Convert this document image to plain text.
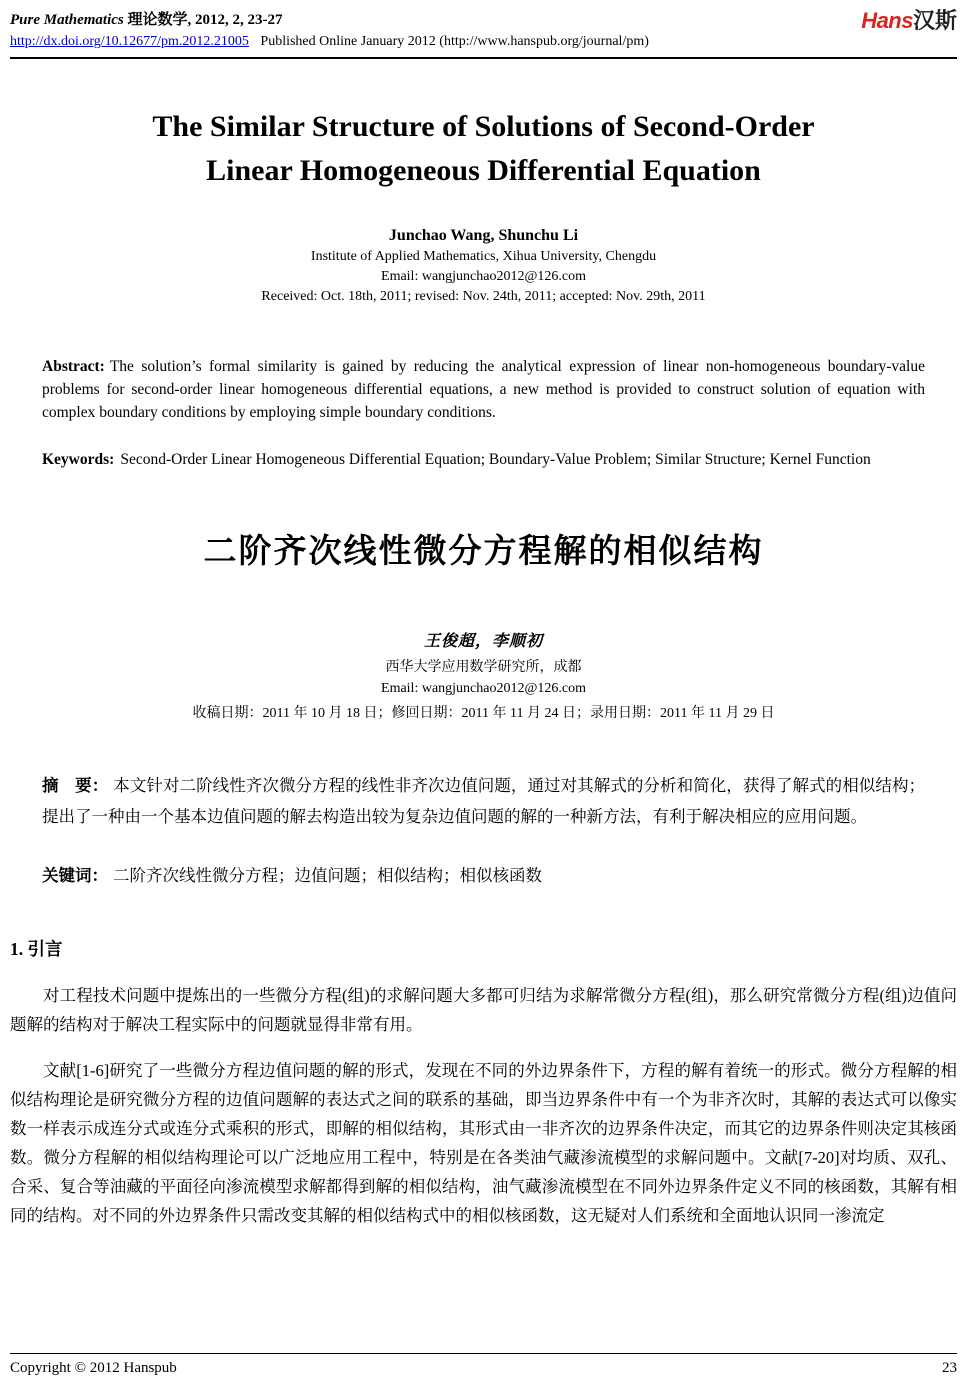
Pure Mathematics 理论数学, 2012, 2, 23-27
http://dx.doi.org/10.12677/pm.2012.21005 Published Online January 2012 (http://www.hanspub.org/journal/pm)
Hans汉斯
The Similar Structure of Solutions of Second-Order
Linear Homogeneous Differential Equation
Junchao Wang, Shunchu Li
Institute of Applied Mathematics, Xihua University, Chengdu
Email: wangjunchao2012@126.com
Received: Oct. 18th, 2011; revised: Nov. 24th, 2011; accepted: Nov. 29th, 2011

Abstract: The solution’s formal similarity is gained by reducing the analytical expression of linear non-homogeneous boundary-value problems for second-order linear homogeneous differential equations, a new method is provided to construct solution of equation with complex boundary conditions by employing simple boundary conditions.

Keywords: Second-Order Linear Homogeneous Differential Equation; Boundary-Value Problem; Similar Structure; Kernel Function
二阶齐次线性微分方程解的相似结构
王俊超，李顺初
西华大学应用数学研究所，成都
Email: wangjunchao2012@126.com
收稿日期：2011 年 10 月 18 日；修回日期：2011 年 11 月 24 日；录用日期：2011 年 11 月 29 日

摘　要： 本文针对二阶线性齐次微分方程的线性非齐次边值问题，通过对其解式的分析和简化，获得了解式的相似结构；提出了一种由一个基本边值问题的解去构造出较为复杂边值问题的解的一种新方法，有利于解决相应的应用问题。

关键词： 二阶齐次线性微分方程；边值问题；相似结构；相似核函数

1. 引言

对工程技术问题中提炼出的一些微分方程(组)的求解问题大多都可归结为求解常微分方程(组)，那么研究常微分方程(组)边值问题解的结构对于解决工程实际中的问题就显得非常有用。

文献[1-6]研究了一些微分方程边值问题的解的形式，发现在不同的外边界条件下，方程的解有着统一的形式。微分方程解的相似结构理论是研究微分方程的边值问题解的表达式之间的联系的基础，即当边界条件中有一个为非齐次时，其解的表达式可以像实数一样表示成连分式或连分式乘积的形式，即解的相似结构，其形式由一非齐次的边界条件决定，而其它的边界条件则决定其核函数。微分方程解的相似结构理论可以广泛地应用工程中，特别是在各类油气藏渗流模型的求解问题中。文献[7-20]对均质、双孔、合采、复合等油藏的平面径向渗流模型求解都得到解的相似结构，油气藏渗流模型在不同外边界条件定义不同的核函数，其解有相同的结构。对不同的外边界条件只需改变其解的相似结构式中的相似核函数，这无疑对人们系统和全面地认识同一渗流定

Copyright © 2012 Hanspub	23
